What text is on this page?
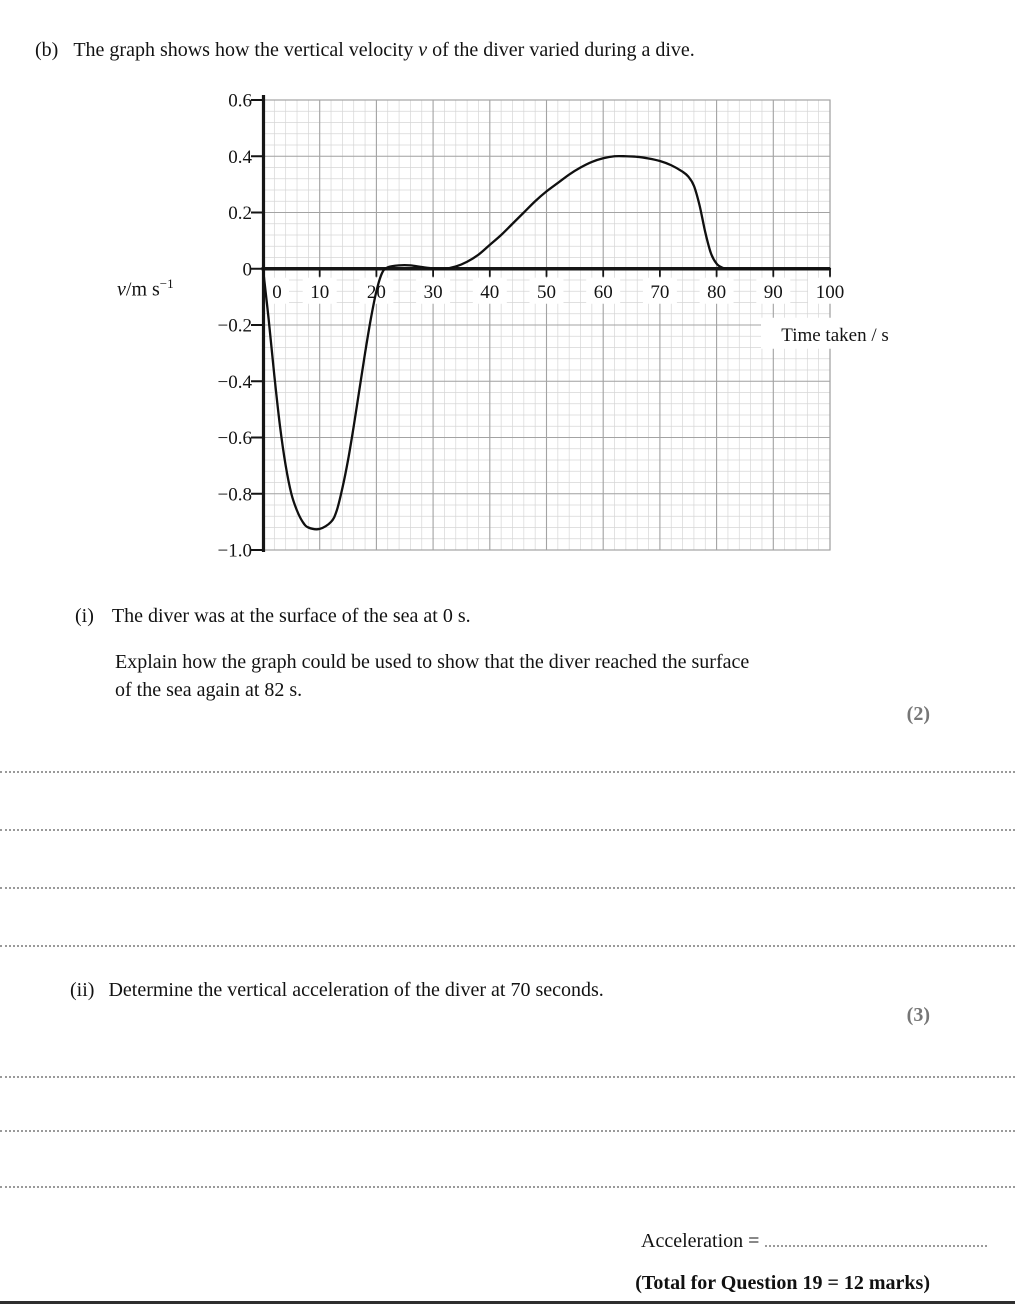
(b) The graph shows how the vertical velocity v of the diver varied during a dive.
0 10 20 30 40 50 60 70 80 90 100
Time taken / s
0.6
0.4
0.2
0
−0.2
−0.4
−0.6
−0.8
−1.0
v/m $s^{-1}$
(i) The diver was at the surface of the sea at 0 s.
Explain how the graph could be used to show that the diver reached the surface
of the sea again at 82 s.
(2)
(ii) Determine the vertical acceleration of the diver at 70 seconds.
(3)
Acceleration =
(Total for Question 19 = 12 marks)
